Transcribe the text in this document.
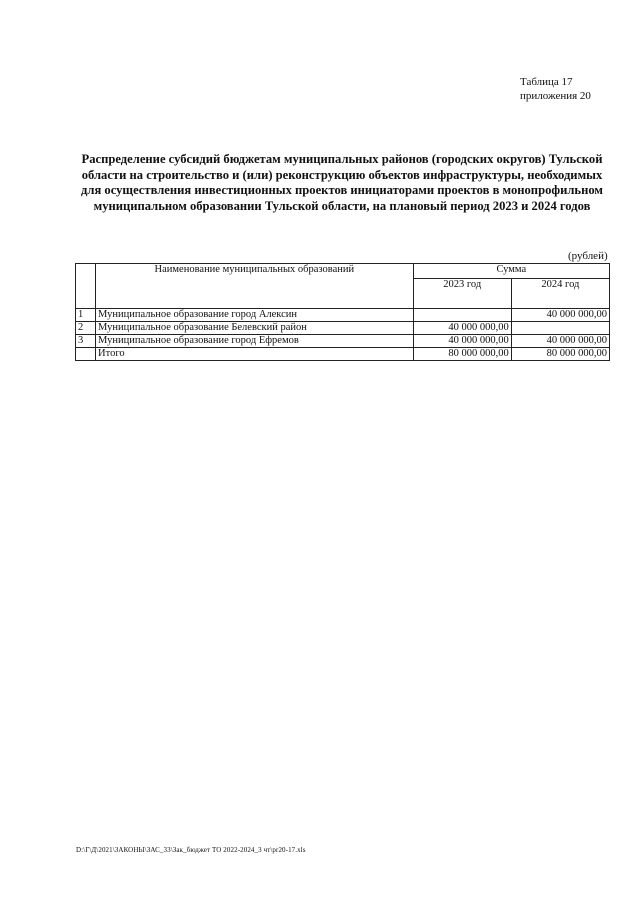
Таблица 17
приложения 20
Распределение субсидий бюджетам муниципальных районов (городских округов) Тульской области на строительство и (или) реконструкцию объектов инфраструктуры, необходимых для осуществления инвестиционных проектов инициаторами проектов в монопрофильном муниципальном образовании Тульской области, на плановый период 2023 и 2024 годов
(рублей)
	Наименование муниципальных образований	Сумма	
		2023 год	2024 год
1	Муниципальное образование город Алексин		40 000 000,00
2	Муниципальное образование Белевский район	40 000 000,00	
3	Муниципальное образование город Ефремов	40 000 000,00	40 000 000,00
	Итого	80 000 000,00	80 000 000,00
D:\Г\Д\2021\ЗАКОНЫ\ЗАС_33\Зак_бюджет ТО 2022-2024_3 чт\pr20-17.xls
